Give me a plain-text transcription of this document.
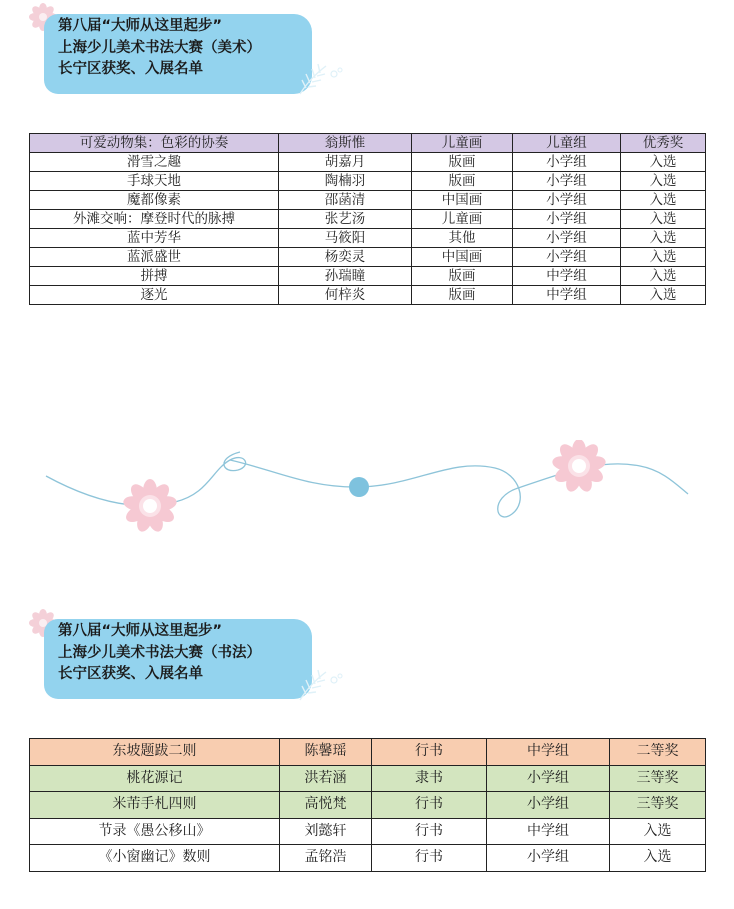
第八届“大师从这里起步”
上海少儿美术书法大赛（美术）
长宁区获奖、入展名单
可爱动物集：色彩的协奏	翁斯惟	儿童画	儿童组	优秀奖
滑雪之趣	胡嘉月	版画	小学组	入选
手球天地	陶楠羽	版画	小学组	入选
魔都像素	邵菡清	中国画	小学组	入选
外滩交响：摩登时代的脉搏	张艺汤	儿童画	小学组	入选
蓝中芳华	马筱阳	其他	小学组	入选
蓝派盛世	杨奕灵	中国画	小学组	入选
拼搏	孙瑞瞳	版画	中学组	入选
逐光	何梓炎	版画	中学组	入选
第八届“大师从这里起步”
上海少儿美术书法大赛（书法）
长宁区获奖、入展名单
东坡题跋二则	陈馨瑶	行书	中学组	二等奖
桃花源记	洪若涵	隶书	小学组	三等奖
米芾手札四则	高悦梵	行书	小学组	三等奖
节录《愚公移山》	刘懿轩	行书	中学组	入选
《小窗幽记》数则	孟铭浩	行书	小学组	入选
